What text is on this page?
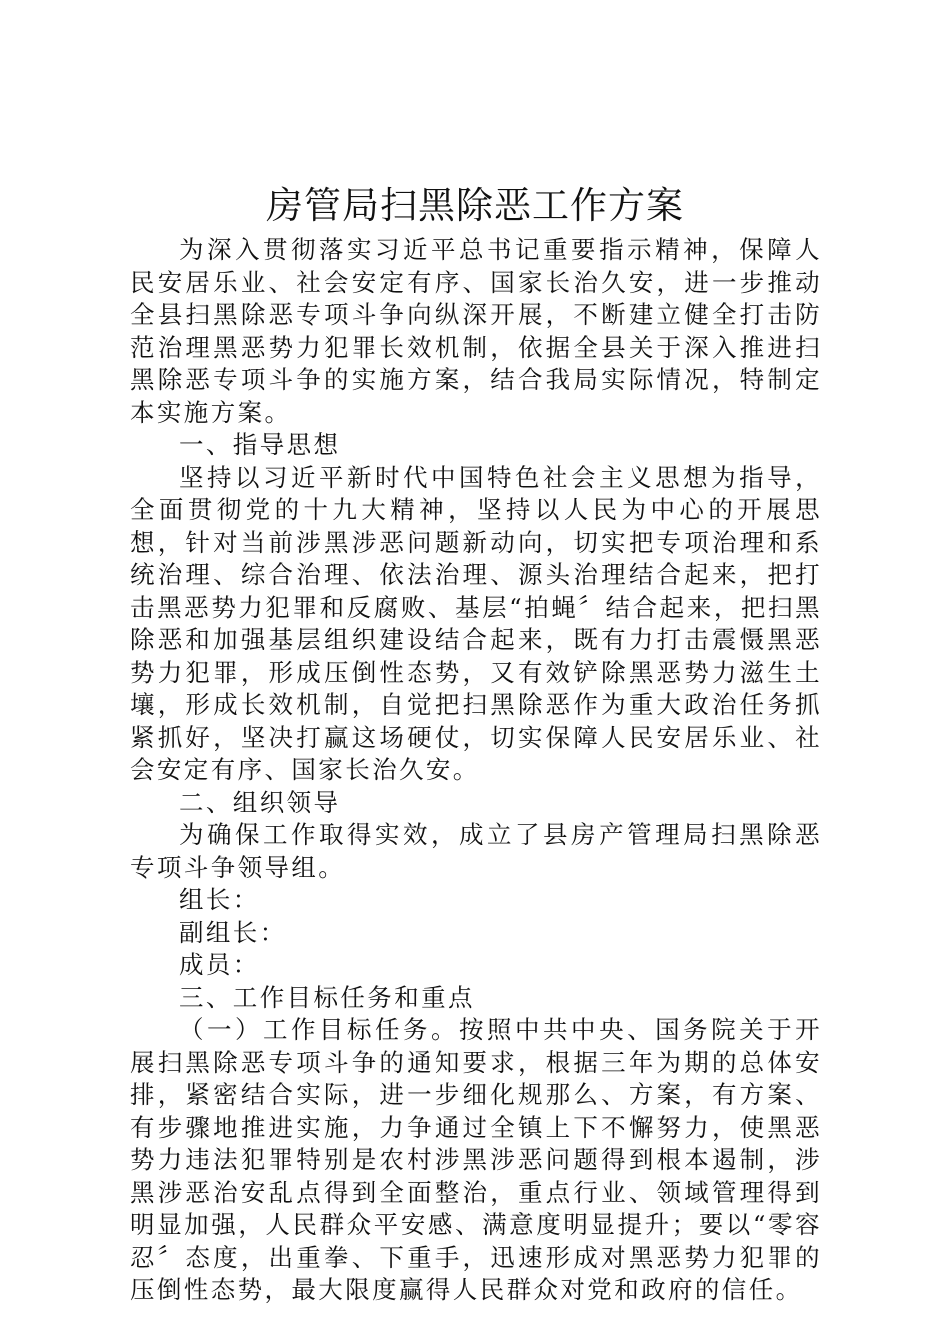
房管局扫黑除恶工作方案

为深入贯彻落实习近平总书记重要指示精神，保障人民安居乐业、社会安定有序、国家长治久安，进一步推动全县扫黑除恶专项斗争向纵深开展，不断建立健全打击防范治理黑恶势力犯罪长效机制，依据全县关于深入推进扫黑除恶专项斗争的实施方案，结合我局实际情况，特制定本实施方案。

一、指导思想

坚持以习近平新时代中国特色社会主义思想为指导，全面贯彻党的十九大精神，坚持以人民为中心的开展思想，针对当前涉黑涉恶问题新动向，切实把专项治理和系统治理、综合治理、依法治理、源头治理结合起来，把打击黑恶势力犯罪和反腐败、基层“拍蝇〞结合起来，把扫黑除恶和加强基层组织建设结合起来，既有力打击震慑黑恶势力犯罪，形成压倒性态势，又有效铲除黑恶势力滋生土壤，形成长效机制，自觉把扫黑除恶作为重大政治任务抓紧抓好，坚决打赢这场硬仗，切实保障人民安居乐业、社会安定有序、国家长治久安。

二、组织领导

为确保工作取得实效，成立了县房产管理局扫黑除恶专项斗争领导组。

组长：

副组长：

成员：

三、工作目标任务和重点

（一）工作目标任务。按照中共中央、国务院关于开展扫黑除恶专项斗争的通知要求，根据三年为期的总体安排，紧密结合实际，进一步细化规那么、方案，有方案、有步骤地推进实施，力争通过全镇上下不懈努力，使黑恶势力违法犯罪特别是农村涉黑涉恶问题得到根本遏制，涉黑涉恶治安乱点得到全面整治，重点行业、领域管理得到明显加强，人民群众平安感、满意度明显提升；要以“零容忍〞态度，出重拳、下重手，迅速形成对黑恶势力犯罪的压倒性态势，最大限度赢得人民群众对党和政府的信任。
